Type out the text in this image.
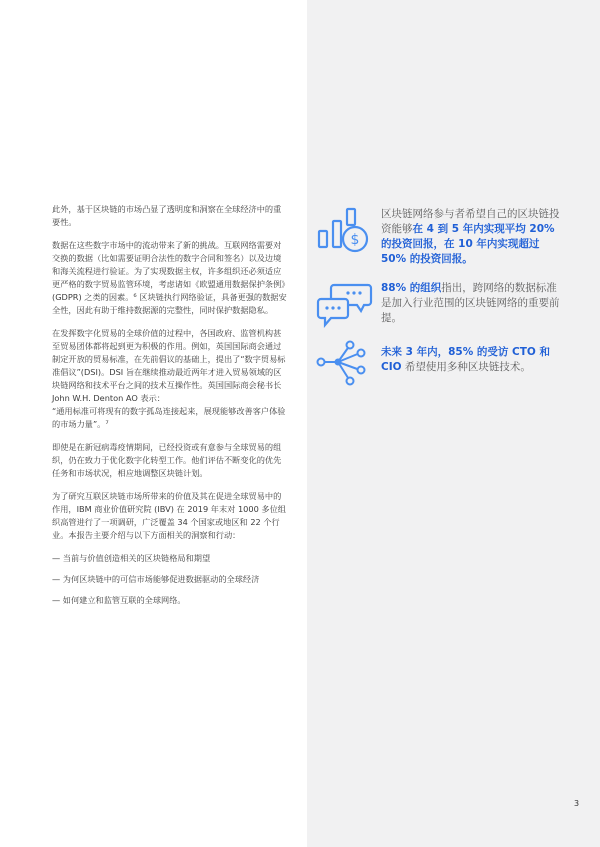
此外，基于区块链的市场凸显了透明度和洞察在全球经济中的重要性。

数据在这些数字市场中的流动带来了新的挑战。互联网络需要对交换的数据（比如需要证明合法性的数字合同和签名）以及边境和海关流程进行验证。为了实现数据主权，许多组织还必须适应更严格的数字贸易监管环境，考虑诸如《欧盟通用数据保护条例》(GDPR) 之类的因素。⁶ 区块链执行网络验证，具备更强的数据安全性，因此有助于维持数据源的完整性，同时保护数据隐私。

在发挥数字化贸易的全球价值的过程中，各国政府、监管机构甚至贸易团体都将起到更为积极的作用。例如，英国国际商会通过制定开放的贸易标准，在先前倡议的基础上，提出了“数字贸易标准倡议”(DSI)。DSI 旨在继续推动最近两年才进入贸易领域的区块链网络和技术平台之间的技术互操作性。英国国际商会秘书长 John W.H. Denton AO 表示：
“通用标准可将现有的数字孤岛连接起来，展现能够改善客户体验的市场力量”。⁷

即使是在新冠病毒疫情期间，已经投资或有意参与全球贸易的组织，仍在致力于优化数字化转型工作。他们评估不断变化的优先任务和市场状况，相应地调整区块链计划。

为了研究互联区块链市场所带来的价值及其在促进全球贸易中的作用，IBM 商业价值研究院 (IBV) 在 2019 年末对 1000 多位组织高管进行了一项调研，广泛覆盖 34 个国家或地区和 22 个行业。本报告主要介绍与以下方面相关的洞察和行动：

— 当前与价值创造相关的区块链格局和期望
— 为何区块链中的可信市场能够促进数据驱动的全球经济
— 如何建立和监管互联的全球网络。
$
区块链网络参与者希望自己的区块链投资能够在 4 到 5 年内实现平均 20% 的投资回报，在 10 年内实现超过 50% 的投资回报。
88% 的组织指出，跨网络的数据标准是加入行业范围的区块链网络的重要前提。
未来 3 年内，85% 的受访 CTO 和 CIO 希望使用多种区块链技术。
3
